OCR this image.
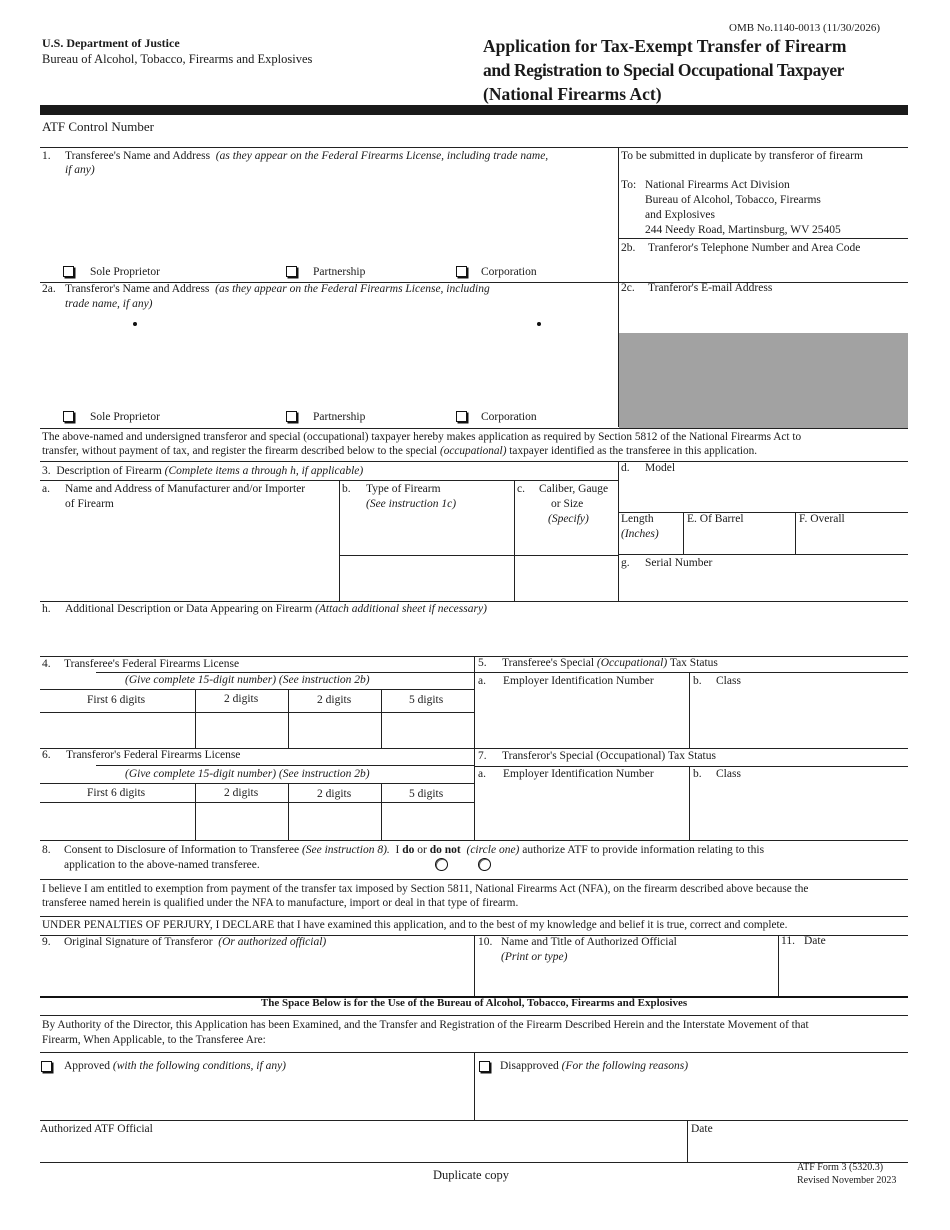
U.S. Department of Justice
Bureau of Alcohol, Tobacco, Firearms and Explosives
OMB No.1140-0013 (11/30/2026)
Application for Tax-Exempt Transfer of Firearm
and Registration to Special Occupational Taxpayer
(National Firearms Act)
ATF Control Number
1. Transferee's Name and Address (as they appear on the Federal Firearms License, including trade name,
if any)
Sole Proprietor	Partnership	Corporation
To be submitted in duplicate by transferor of firearm
To: National Firearms Act Division
Bureau of Alcohol, Tobacco, Firearms
and Explosives
244 Needy Road, Martinsburg, WV 25405
2b. Tranferor's Telephone Number and Area Code
2c. Tranferor's E-mail Address
2a. Transferor's Name and Address (as they appear on the Federal Firearms License, including
trade name, if any)
Sole Proprietor	Partnership	Corporation
The above-named and undersigned transferor and special (occupational) taxpayer hereby makes application as required by Section 5812 of the National Firearms Act to
transfer, without payment of tax, and register the firearm described below to the special (occupational) taxpayer identified as the transferee in this application.
3. Description of Firearm (Complete items a through h, if applicable)
a. Name and Address of Manufacturer and/or Importer
of Firearm
b. Type of Firearm
(See instruction 1c)
c. Caliber, Gauge
or Size
(Specify)
d. Model
Length
(Inches)
E. Of Barrel	F. Overall
g. Serial Number
h. Additional Description or Data Appearing on Firearm (Attach additional sheet if necessary)
4. Transferee's Federal Firearms License
(Give complete 15-digit number) (See instruction 2b)
First 6 digits	2 digits	2 digits	5 digits
5. Transferee's Special (Occupational) Tax Status
a. Employer Identification Number	b. Class
6. Transferor's Federal Firearms License
(Give complete 15-digit number) (See instruction 2b)
First 6 digits	2 digits	2 digits	5 digits
7. Transferor's Special (Occupational) Tax Status
a. Employer Identification Number	b. Class
8. Consent to Disclosure of Information to Transferee (See instruction 8). I do or do not (circle one) authorize ATF to provide information relating to this
application to the above-named transferee.
I believe I am entitled to exemption from payment of the transfer tax imposed by Section 5811, National Firearms Act (NFA), on the firearm described above because the
transferee named herein is qualified under the NFA to manufacture, import or deal in that type of firearm.
UNDER PENALTIES OF PERJURY, I DECLARE that I have examined this application, and to the best of my knowledge and belief it is true, correct and complete.
9. Original Signature of Transferor (Or authorized official)	10. Name and Title of Authorized Official
(Print or type)
11. Date
The Space Below is for the Use of the Bureau of Alcohol, Tobacco, Firearms and Explosives
By Authority of the Director, this Application has been Examined, and the Transfer and Registration of the Firearm Described Herein and the Interstate Movement of that
Firearm, When Applicable, to the Transferee Are:
Approved (with the following conditions, if any)	Disapproved (For the following reasons)
Authorized ATF Official	Date
Duplicate copy
ATF Form 3 (5320.3)
Revised November 2023
